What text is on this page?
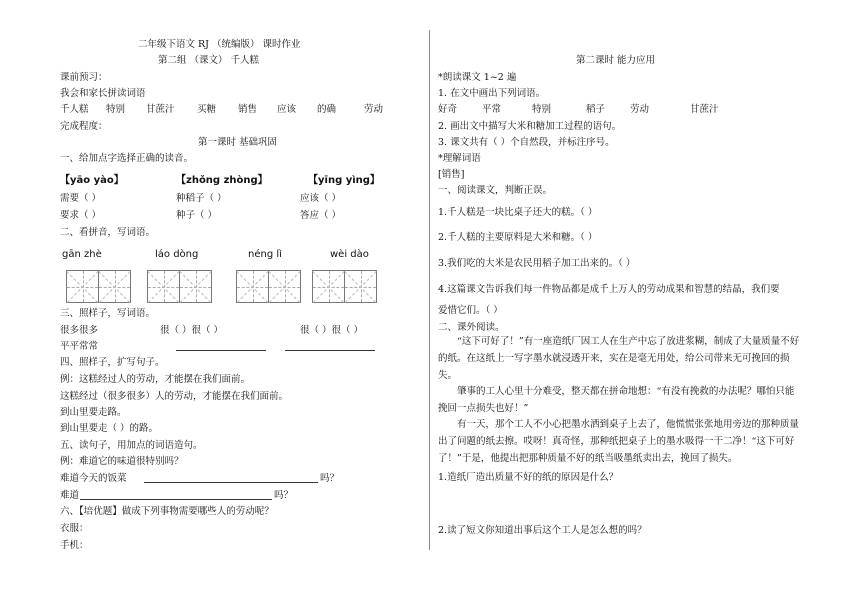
二年级下语文 RJ （统编版） 课时作业
第二组 （课文） 千人糕
课前预习：
我会和家长拼读词语
千人糕 特别 甘蔗汁 买糖 销售 应该 的确	劳动
完成程度：
第一课时 基础巩固
一、给加点字选择正确的读音。
【yāo yào】	【zhǒng zhòng】	【yīng yìng】
需要（ ）	种稻子（ ）	应该（ ）
要求（ ）	种子（ ）	答应（ ）
二、看拼音，写词语。
gān zhè	láo dòng	néng lì	wèi dào
三、照样子，写词语。
很多很多	很（ ）很（ ）	很（ ）很（ ）
平平常常
四、照样子，扩写句子。
例：这糕经过人的劳动，才能摆在我们面前。
这糕经过（很多很多）人的劳动，才能摆在我们面前。
到山里要走路。
到山里要走（ ）的路。
五、读句子，用加点的词语造句。
例：难道它的味道很特别吗？
难道今天的饭菜	吗？
难道	吗？
六、【培优题】做成下列事物需要哪些人的劳动呢？
衣服：
手机：
第二课时 能力应用
*朗读课文 1~2 遍
1. 在文中画出下列词语。
好奇	平常	特别	稻子	劳动	甘蔗汁
2. 画出文中描写大米和糖加工过程的语句。
3. 课文共有（ ）个自然段，并标注序号。
*理解词语
[销售]
一、阅读课文，判断正误。
1.千人糕是一块比桌子还大的糕。（ ）
2.千人糕的主要原料是大米和糖。（ ）
3.我们吃的大米是农民用稻子加工出来的。（ ）
4.这篇课文告诉我们每一件物品都是成千上万人的劳动成果和智慧的结晶，我们要
爱惜它们。（ ）
二、课外阅读。
“这下可好了！”有一座造纸厂因工人在生产中忘了放进浆糊，制成了大量质量不好的纸。在这纸上一写字墨水就浸透开来，实在是毫无用处，给公司带来无可挽回的损失。
肇事的工人心里十分难受，整天都在拼命地想：“有没有挽救的办法呢？哪怕只能挽回一点损失也好！”
有一天，那个工人不小心把墨水洒到桌子上去了，他慌慌张张地用旁边的那种质量出了问题的纸去擦。哎呀！真奇怪，那种纸把桌子上的墨水吸得一干二净！“这下可好了！”于是，他提出把那种质量不好的纸当吸墨纸卖出去，挽回了损失。
1.造纸厂造出质量不好的纸的原因是什么？
2.读了短文你知道出事后这个工人是怎么想的吗？
